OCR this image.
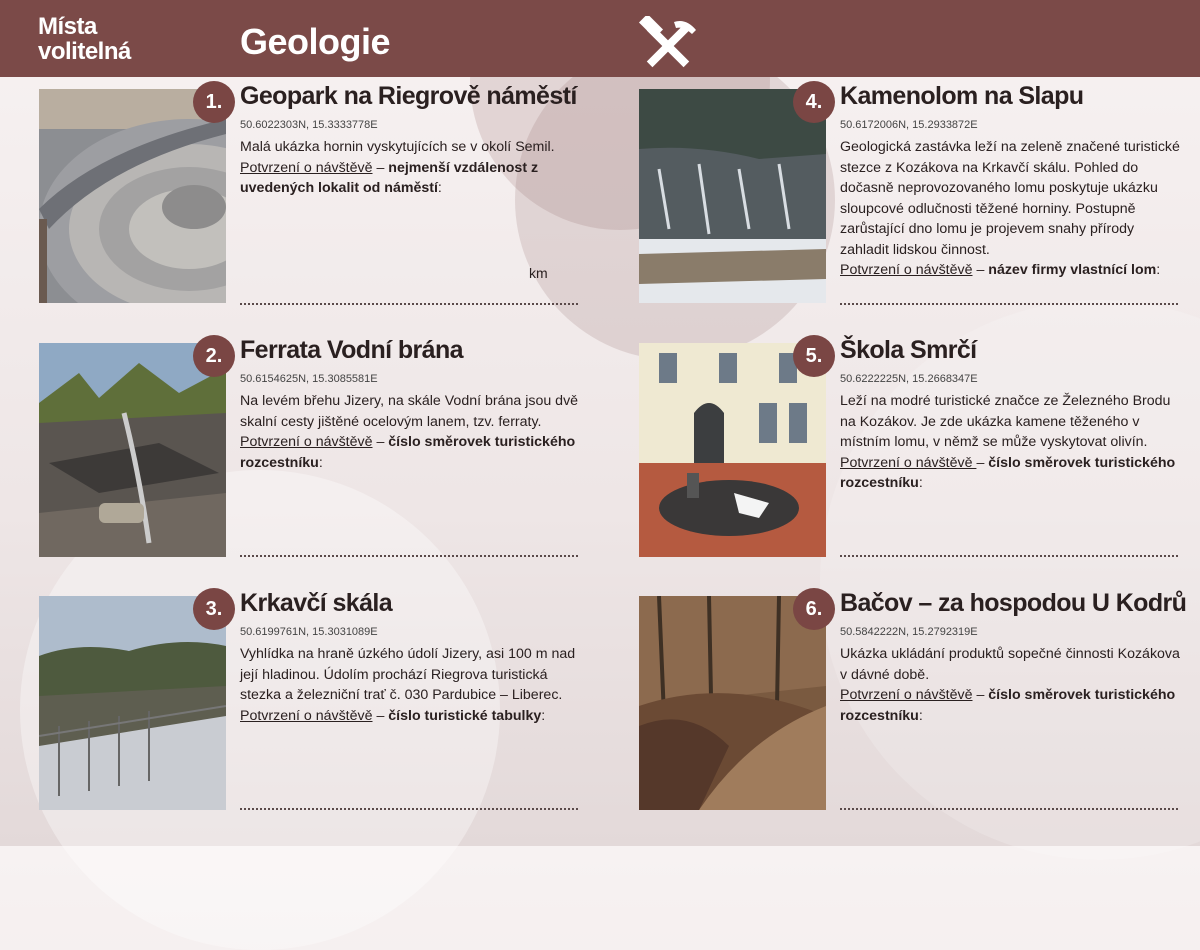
Místa
volitelná	Geologie
1. Geopark na Riegrově náměstí
50.6022303N, 15.3333778E
Malá ukázka hornin vyskytujících se v okolí Semil.
Potvrzení o návštěvě – nejmenší vzdálenost z uvedených lokalit od náměstí:
km
2. Ferrata Vodní brána
50.6154625N, 15.3085581E
Na levém břehu Jizery, na skále Vodní brána jsou dvě skalní cesty jištěné ocelovým lanem, tzv. ferraty.
Potvrzení o návštěvě – číslo směrovek turistického rozcestníku:
3. Krkavčí skála
50.6199761N, 15.3031089E
Vyhlídka na hraně úzkého údolí Jizery, asi 100 m nad její hladinou. Údolím prochází Riegrova turistická stezka a železniční trať č. 030 Pardubice – Liberec.
Potvrzení o návštěvě – číslo turistické tabulky:
4. Kamenolom na Slapu
50.6172006N, 15.2933872E
Geologická zastávka leží na zeleně značené turistické stezce z Kozákova na Krkavčí skálu. Pohled do dočasně neprovozovaného lomu poskytuje ukázku sloupcové odlučnosti těžené horniny. Postupně zarůstající dno lomu je projevem snahy přírody zahladit lidskou činnost.
Potvrzení o návštěvě – název firmy vlastnící lom:
5. Škola Smrčí
50.6222225N, 15.2668347E
Leží na modré turistické značce ze Železného Brodu na Kozákov. Je zde ukázka kamene těženého v místním lomu, v němž se může vyskytovat olivín.
Potvrzení o návštěvě – číslo směrovek turistického rozcestníku:
6. Bačov – za hospodou U Kodrů
50.5842222N, 15.2792319E
Ukázka ukládání produktů sopečné činnosti Kozákova v dávné době.
Potvrzení o návštěvě – číslo směrovek turistického rozcestníku:
